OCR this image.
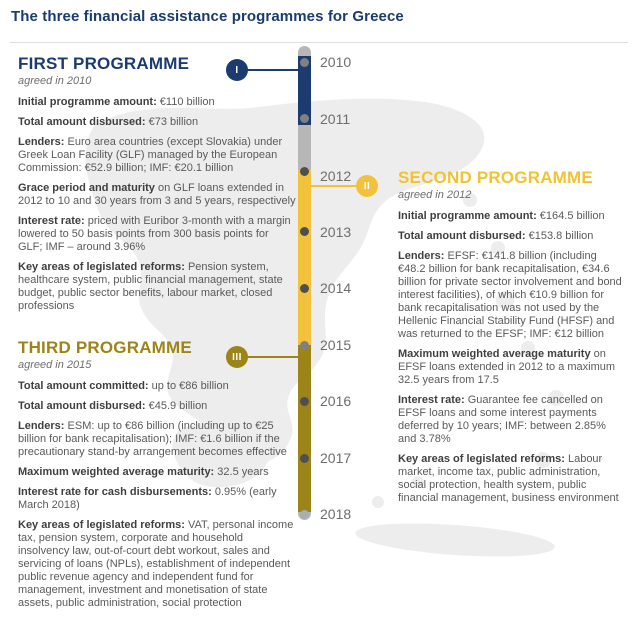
The three financial assistance programmes for Greece
2010
2011
2012
2013
2014
2015
2016
2017
2018
I
II
III
FIRST PROGRAMME
agreed in 2010
Initial programme amount: €110 billion
Total amount disbursed: €73 billion
Lenders: Euro area countries (except Slovakia) under Greek Loan Facility (GLF) managed by the European Commission: €52.9 billion; IMF: €20.1 billion
Grace period and maturity on GLF loans extended in 2012 to 10 and 30 years from 3 and 5 years, respectively
Interest rate: priced with Euribor 3-month with a margin lowered to 50 basis points from 300 basis points for GLF; IMF – around 3.96%
Key areas of legislated reforms: Pension system, healthcare system, public financial management, state budget, public sector benefits, labour market, closed professions
SECOND PROGRAMME
agreed in 2012
Initial programme amount: €164.5 billion
Total amount disbursed: €153.8 billion
Lenders: EFSF: €141.8 billion (including €48.2 billion for bank recapitalisation, €34.6 billion for private sector involvement and bond interest facilities), of which €10.9 billion for bank recapitalisation was not used by the Hellenic Financial Stability Fund (HFSF) and was returned to the EFSF; IMF: €12 billion
Maximum weighted average maturity on EFSF loans extended in 2012 to a maximum 32.5 years from 17.5
Interest rate: Guarantee fee cancelled on EFSF loans and some interest payments deferred by 10 years; IMF: between 2.85% and 3.78%
Key areas of legislated reforms: Labour market, income tax, public administration, social protection, health system, public financial management, business environment
THIRD PROGRAMME
agreed in 2015
Total amount committed: up to €86 billion
Total amount disbursed: €45.9 billion
Lenders: ESM: up to €86 billion (including up to €25 billion for bank recapitalisation); IMF: €1.6 billion if the precautionary stand-by arrangement becomes effective
Maximum weighted average maturity: 32.5 years
Interest rate for cash disbursements: 0.95% (early March 2018)
Key areas of legislated reforms: VAT, personal income tax, pension system, corporate and household insolvency law, out-of-court debt workout, sales and servicing of loans (NPLs), establishment of independent public revenue agency and independent fund for management, investment and monetisation of state assets, public administration, social protection
